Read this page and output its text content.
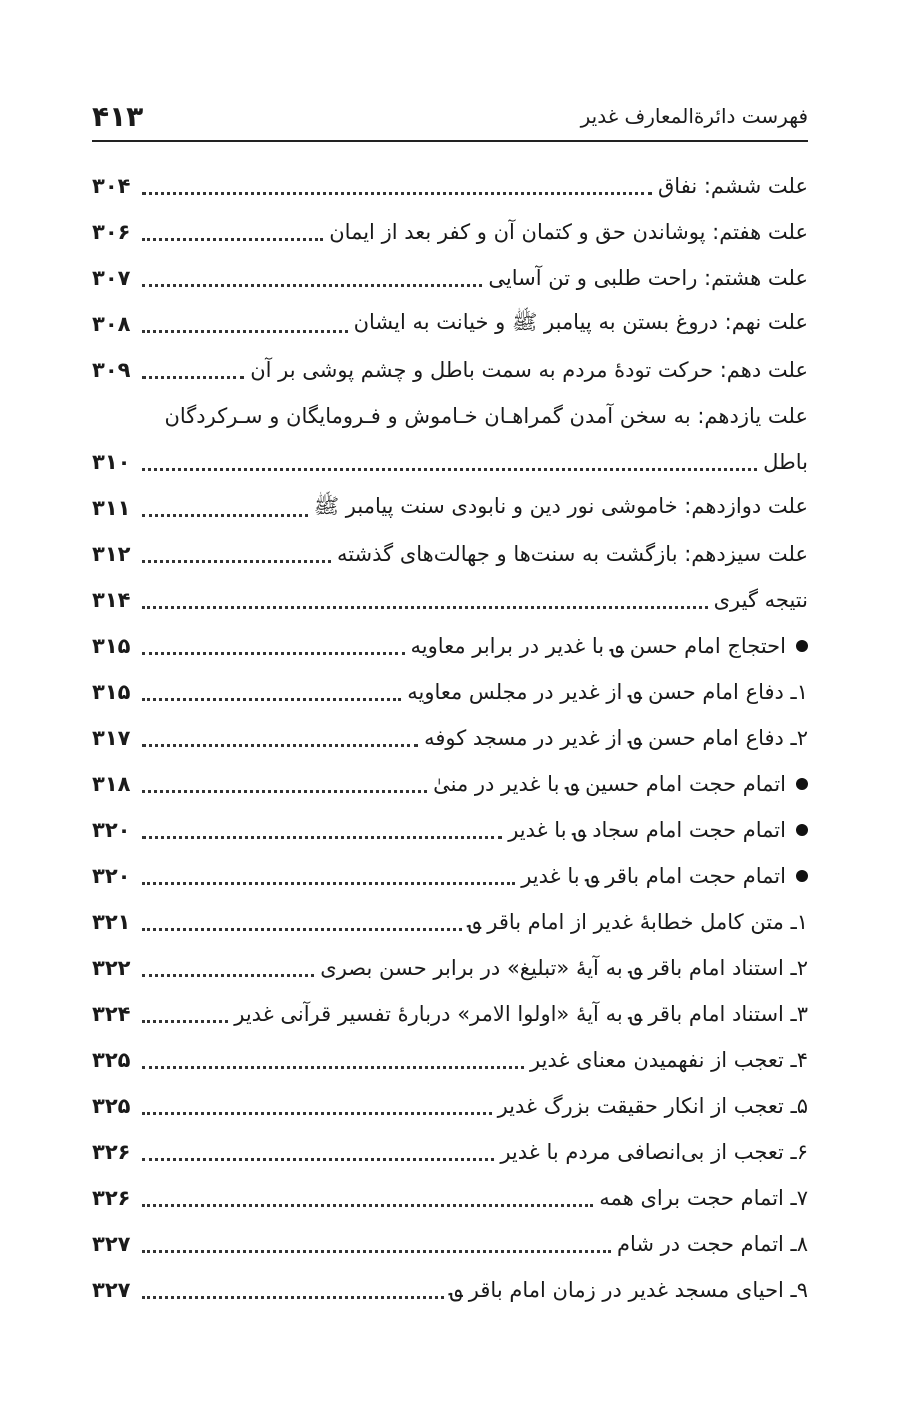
فهرست دائرةالمعارف غدیر
۴۱۳
علت ششم: نفاق
۳۰۴
علت هفتم: پوشاندن حق و کتمان آن و کفر بعد از ایمان
۳۰۶
علت هشتم: راحت طلبی و تن آسایی
۳۰۷
علت نهم: دروغ بستن به پیامبر ﷺ و خیانت به ایشان
۳۰۸
علت دهم: حرکت تودهٔ مردم به سمت باطل و چشم پوشی بر آن
۳۰۹
علت یازدهم: به سخن آمدن گمراهـان خـاموش و فـرومایگان و سـرکردگان
باطل
۳۱۰
علت دوازدهم: خاموشی نور دین و نابودی سنت پیامبر ﷺ
۳۱۱
علت سیزدهم: بازگشت به سنت‌ها و جهالت‌های گذشته
۳۱۲
نتیجه گیری
۳۱۴
احتجاج امام حسن ؈ با غدیر در برابر معاویه
۳۱۵
۱ـ دفاع امام حسن ؈ از غدیر در مجلس معاویه
۳۱۵
۲ـ دفاع امام حسن ؈ از غدیر در مسجد کوفه
۳۱۷
اتمام حجت امام حسین ؈ با غدیر در منیٰ
۳۱۸
اتمام حجت امام سجاد ؈ با غدیر
۳۲۰
اتمام حجت امام باقر ؈ با غدیر
۳۲۰
۱ـ متن کامل خطابهٔ غدیر از امام باقر ؈
۳۲۱
۲ـ استناد امام باقر ؈ به آیهٔ «تبلیغ» در برابر حسن بصری
۳۲۲
۳ـ استناد امام باقر ؈ به آیهٔ «اولوا الامر» دربارهٔ تفسیر قرآنی غدیر
۳۲۴
۴ـ تعجب از نفهمیدن معنای غدیر
۳۲۵
۵ـ تعجب از انکار حقیقت بزرگ غدیر
۳۲۵
۶ـ تعجب از بی‌انصافی مردم با غدیر
۳۲۶
۷ـ اتمام حجت برای همه
۳۲۶
۸ـ اتمام حجت در شام
۳۲۷
۹ـ احیای مسجد غدیر در زمان امام باقر ؈
۳۲۷
